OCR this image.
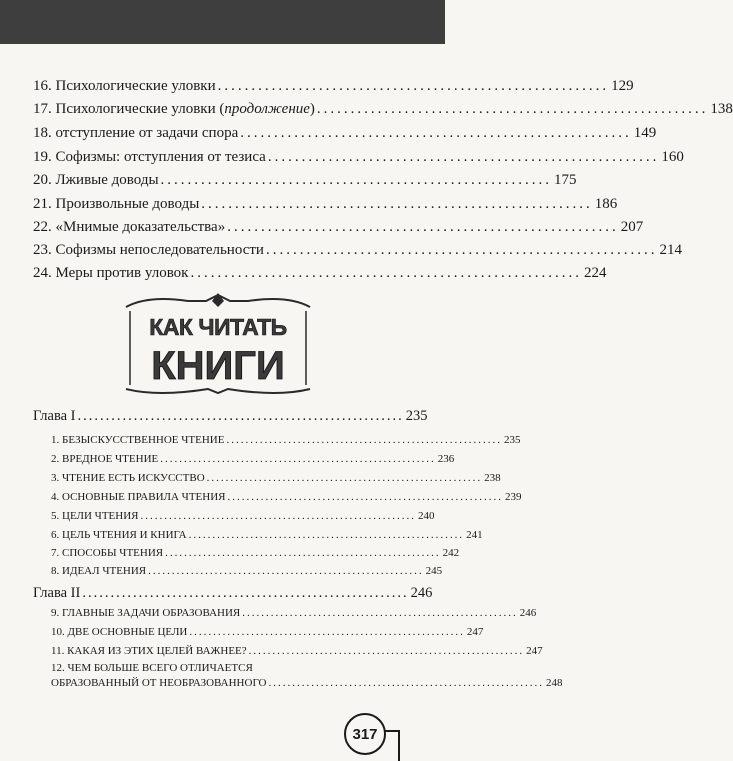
16. Психологические уловки .......................................................... 129
17. Психологические уловки (продолжение) .......................................................... 138
18. отступление от задачи спора .......................................................... 149
19. Софизмы: отступления от тезиса .......................................................... 160
20. Лживые доводы .......................................................... 175
21. Произвольные доводы .......................................................... 186
22. «Мнимые доказательства» .......................................................... 207
23. Софизмы непоследовательности .......................................................... 214
24. Меры против уловок .......................................................... 224
КАК ЧИТАТЬ
КНИГИ
Глава I .......................................................... 235
1. БЕЗЫСКУССТВЕННОЕ ЧТЕНИЕ .......................................................... 235
2. ВРЕДНОЕ ЧТЕНИЕ .......................................................... 236
3. ЧТЕНИЕ ЕСТЬ ИСКУССТВО .......................................................... 238
4. ОСНОВНЫЕ ПРАВИЛА ЧТЕНИЯ .......................................................... 239
5. ЦЕЛИ ЧТЕНИЯ .......................................................... 240
6. ЦЕЛЬ ЧТЕНИЯ И КНИГА .......................................................... 241
7. СПОСОБЫ ЧТЕНИЯ .......................................................... 242
8. ИДЕАЛ ЧТЕНИЯ .......................................................... 245
Глава II .......................................................... 246
9. ГЛАВНЫЕ ЗАДАЧИ ОБРАЗОВАНИЯ .......................................................... 246
10. ДВЕ ОСНОВНЫЕ ЦЕЛИ .......................................................... 247
11. КАКАЯ ИЗ ЭТИХ ЦЕЛЕЙ ВАЖНЕЕ? .......................................................... 247
12. ЧЕМ БОЛЬШЕ ВСЕГО ОТЛИЧАЕТСЯ
ОБРАЗОВАННЫЙ ОТ НЕОБРАЗОВАННОГО .......................................................... 248
317
